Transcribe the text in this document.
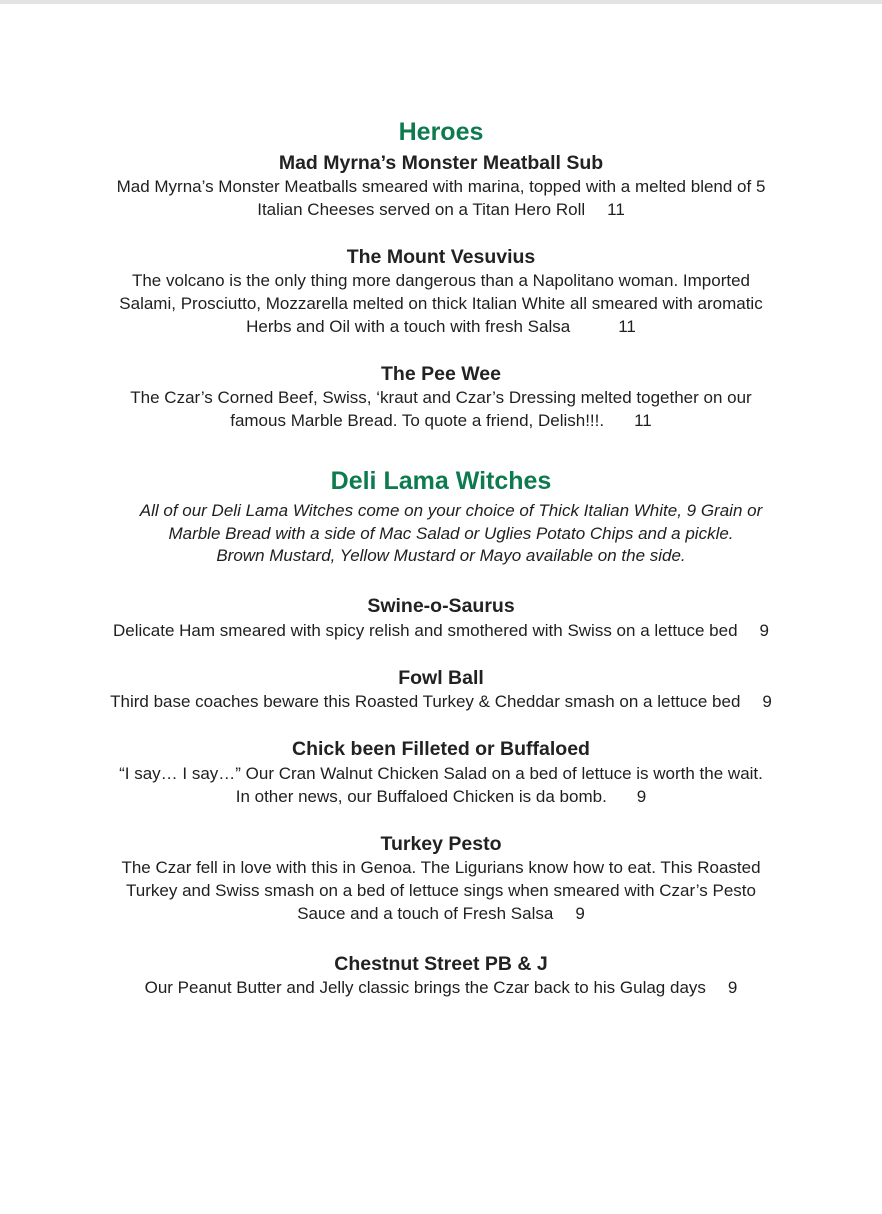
Heroes
Mad Myrna’s Monster Meatball Sub

Mad Myrna’s Monster Meatballs smeared with marina, topped with a melted blend of 5
Italian Cheeses served on a Titan Hero Roll 11

The Mount Vesuvius

The volcano is the only thing more dangerous than a Napolitano woman. Imported
Salami, Prosciutto, Mozzarella melted on thick Italian White all smeared with aromatic
Herbs and Oil with a touch with fresh Salsa	11

The Pee Wee

The Czar’s Corned Beef, Swiss, ‘kraut and Czar’s Dressing melted together on our
famous Marble Bread. To quote a friend, Delish!!!. 11

Deli Lama Witches

All of our Deli Lama Witches come on your choice of Thick Italian White, 9 Grain or
Marble Bread with a side of Mac Salad or Uglies Potato Chips and a pickle.
Brown Mustard, Yellow Mustard or Mayo available on the side.

Swine-o-Saurus

Delicate Ham smeared with spicy relish and smothered with Swiss on a lettuce bed 9

Fowl Ball

Third base coaches beware this Roasted Turkey & Cheddar smash on a lettuce bed 9

Chick been Filleted or Buffaloed

“I say… I say…” Our Cran Walnut Chicken Salad on a bed of lettuce is worth the wait.
In other news, our Buffaloed Chicken is da bomb. 9

Turkey Pesto

The Czar fell in love with this in Genoa. The Ligurians know how to eat. This Roasted
Turkey and Swiss smash on a bed of lettuce sings when smeared with Czar’s Pesto
Sauce and a touch of Fresh Salsa 9

Chestnut Street PB & J

Our Peanut Butter and Jelly classic brings the Czar back to his Gulag days 9
